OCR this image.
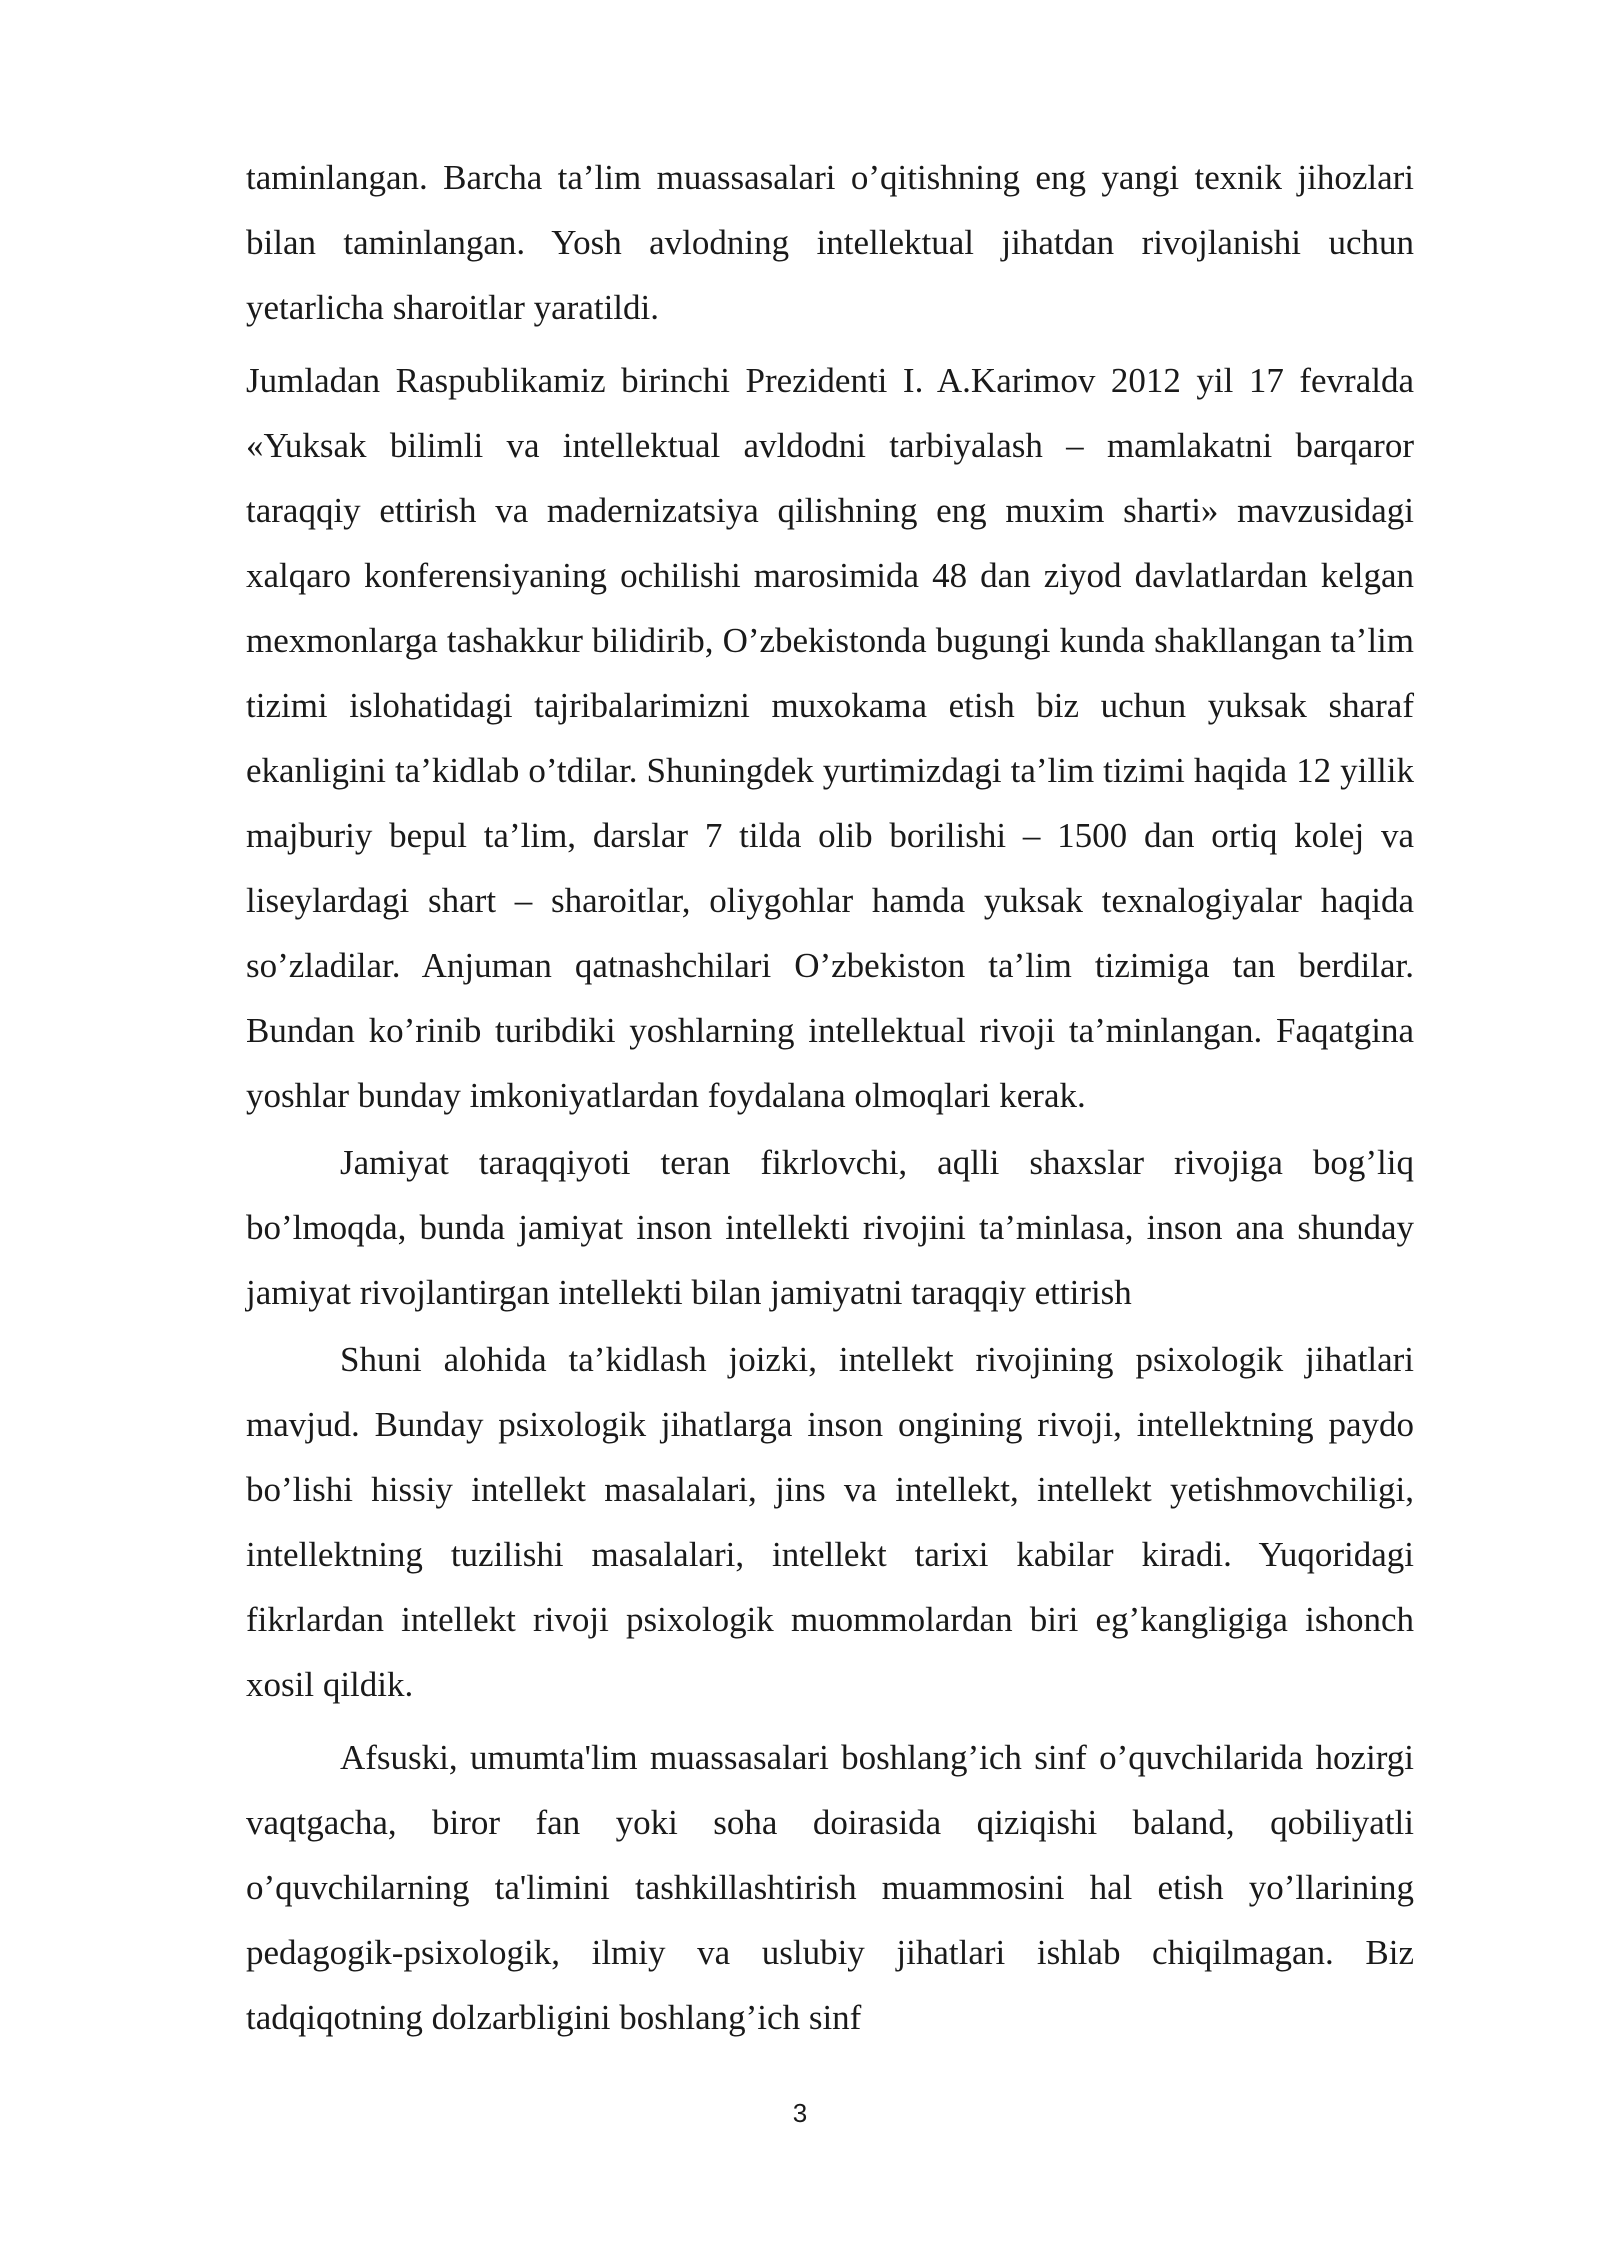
taminlangan. Barcha ta’lim muassasalari o’qitishning eng yangi texnik jihozlari bilan taminlangan. Yosh avlodning intellektual jihatdan rivojlanishi uchun yetarlicha sharoitlar yaratildi.

Jumladan Raspublikamiz birinchi Prezidenti I. A.Karimov 2012 yil 17 fevralda «Yuksak bilimli va intellektual avldodni tarbiyalash – mamlakatni barqaror taraqqiy ettirish va madernizatsiya qilishning eng muxim sharti» mavzusidagi xalqaro konferensiyaning ochilishi marosimida 48 dan ziyod davlatlardan kelgan mexmonlarga tashakkur bilidirib, O’zbekistonda bugungi kunda shakllangan ta’lim tizimi islohatidagi tajribalarimizni muxokama etish biz uchun yuksak sharaf ekanligini ta’kidlab o’tdilar. Shuningdek yurtimizdagi ta’lim tizimi haqida 12 yillik majburiy bepul ta’lim, darslar 7 tilda olib borilishi – 1500 dan ortiq kolej va liseylardagi shart – sharoitlar, oliygohlar hamda yuksak texnalogiyalar haqida so’zladilar. Anjuman qatnashchilari O’zbekiston ta’lim tizimiga tan berdilar. Bundan ko’rinib turibdiki yoshlarning intellektual rivoji ta’minlangan. Faqatgina yoshlar bunday imkoniyatlardan foydalana olmoqlari kerak.

Jamiyat taraqqiyoti teran fikrlovchi, aqlli shaxslar rivojiga bog’liq bo’lmoqda, bunda jamiyat inson intellekti rivojini ta’minlasa, inson ana shunday jamiyat rivojlantirgan intellekti bilan jamiyatni taraqqiy ettirish

Shuni alohida ta’kidlash joizki, intellekt rivojining psixologik jihatlari mavjud. Bunday psixologik jihatlarga inson ongining rivoji, intellektning paydo bo’lishi hissiy intellekt masalalari, jins va intellekt, intellekt yetishmovchiligi, intellektning tuzilishi masalalari, intellekt tarixi kabilar kiradi. Yuqoridagi fikrlardan intellekt rivoji psixologik muommolardan biri eg’kangligiga ishonch xosil qildik.

Afsuski, umumta'lim muassasalari boshlang’ich sinf o’quvchilarida hozirgi vaqtgacha, biror fan yoki soha doirasida qiziqishi baland, qobiliyatli o’quvchilarning ta'limini tashkillashtirish muammosini hal etish yo’llarining pedagogik-psixologik, ilmiy va uslubiy jihatlari ishlab chiqilmagan. Biz tadqiqotning dolzarbligini boshlang’ich sinf

3
